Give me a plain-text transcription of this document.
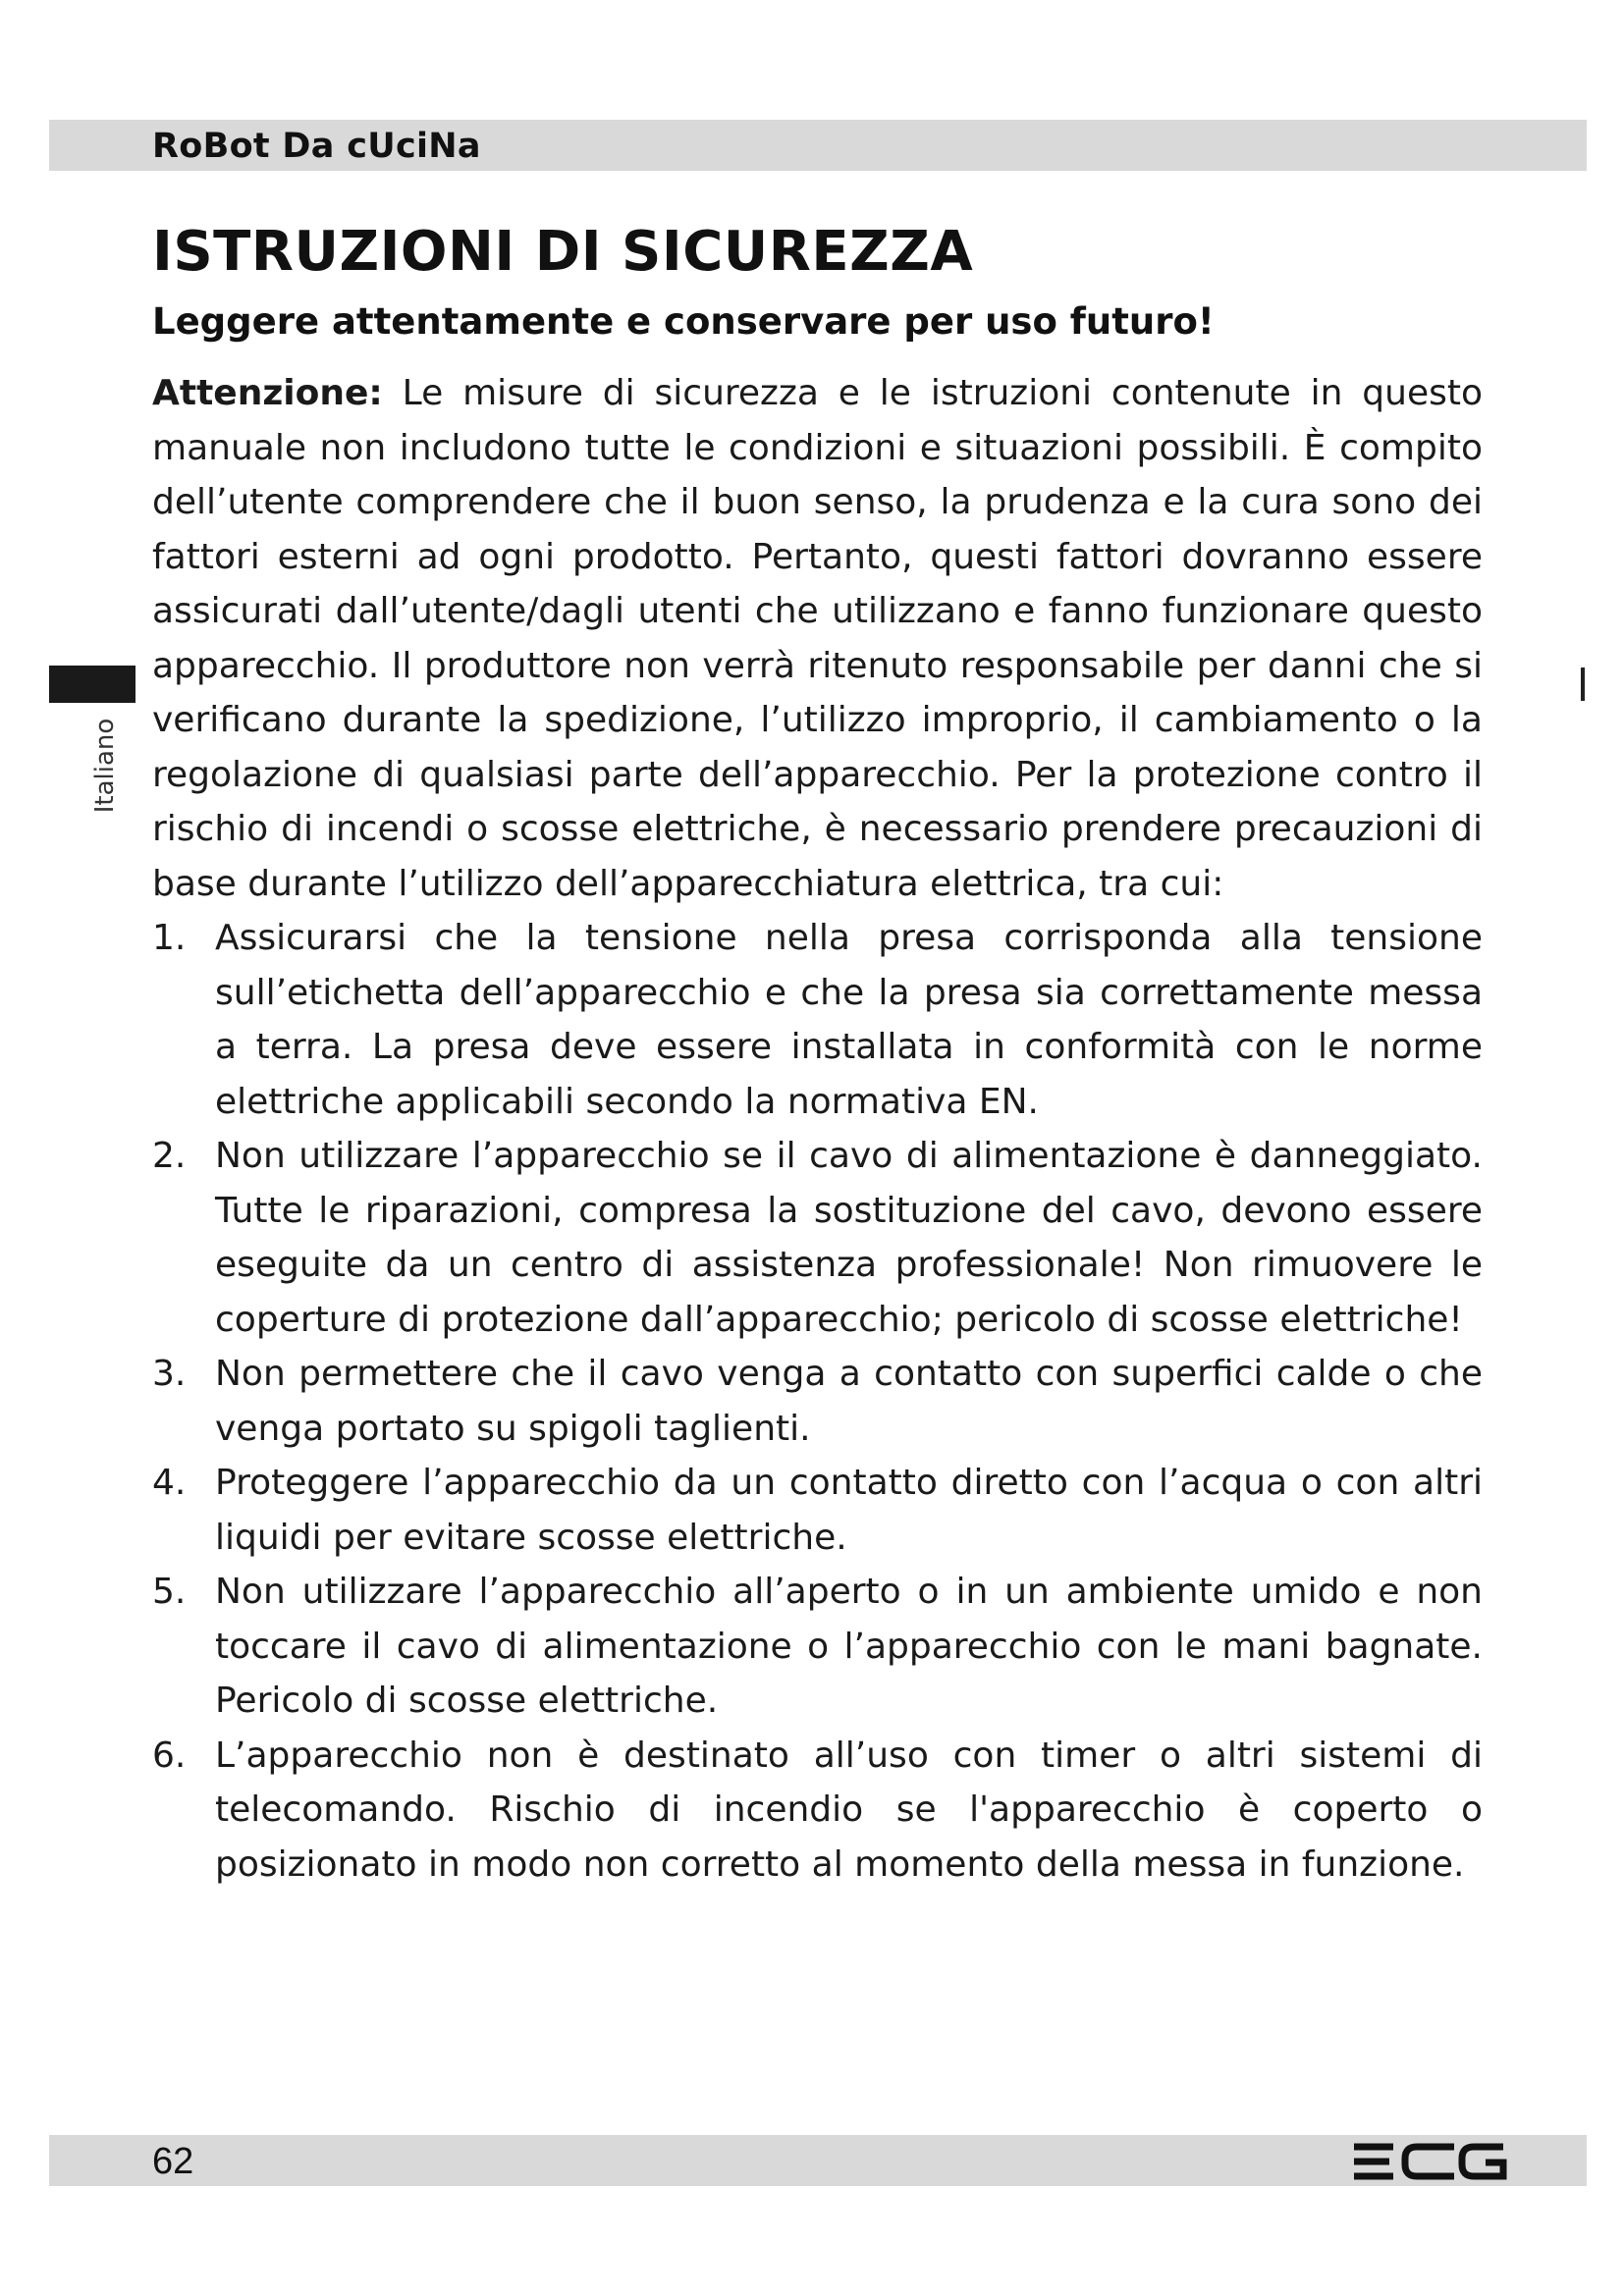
RoBot Da cUciNa
Italiano
ISTRUZIONI DI SICUREZZA
Leggere attentamente e conservare per uso futuro!

Attenzione: Le misure di sicurezza e le istruzioni contenute in questo manuale non includono tutte le condizioni e situazioni possibili. È compito dell’utente comprendere che il buon senso, la prudenza e la cura sono dei fattori esterni ad ogni prodotto. Pertanto, questi fattori dovranno essere assicurati dall’utente/dagli utenti che utilizzano e fanno funzionare questo apparecchio. Il produttore non verrà ritenuto responsabile per danni che si verificano durante la spedizione, l’utilizzo improprio, il cambiamento o la regolazione di qualsiasi parte dell’apparecchio. Per la protezione contro il rischio di incendi o scosse elettriche, è necessario prendere precauzioni di base durante l’utilizzo dell’apparecchiatura elettrica, tra cui:

1. Assicurarsi che la tensione nella presa corrisponda alla tensione sull’etichetta dell’apparecchio e che la presa sia correttamente messa a terra. La presa deve essere installata in conformità con le norme elettriche applicabili secondo la normativa EN.
2. Non utilizzare l’apparecchio se il cavo di alimentazione è danneggiato. Tutte le riparazioni, compresa la sostituzione del cavo, devono essere eseguite da un centro di assistenza professionale! Non rimuovere le coperture di protezione dall’apparecchio; pericolo di scosse elettriche!
3. Non permettere che il cavo venga a contatto con superfici calde o che venga portato su spigoli taglienti.
4. Proteggere l’apparecchio da un contatto diretto con l’acqua o con altri liquidi per evitare scosse elettriche.
5. Non utilizzare l’apparecchio all’aperto o in un ambiente umido e non toccare il cavo di alimentazione o l’apparecchio con le mani bagnate. Pericolo di scosse elettriche.
6. L’apparecchio non è destinato all’uso con timer o altri sistemi di telecomando. Rischio di incendio se l'apparecchio è coperto o posizionato in modo non corretto al momento della messa in funzione.
62
